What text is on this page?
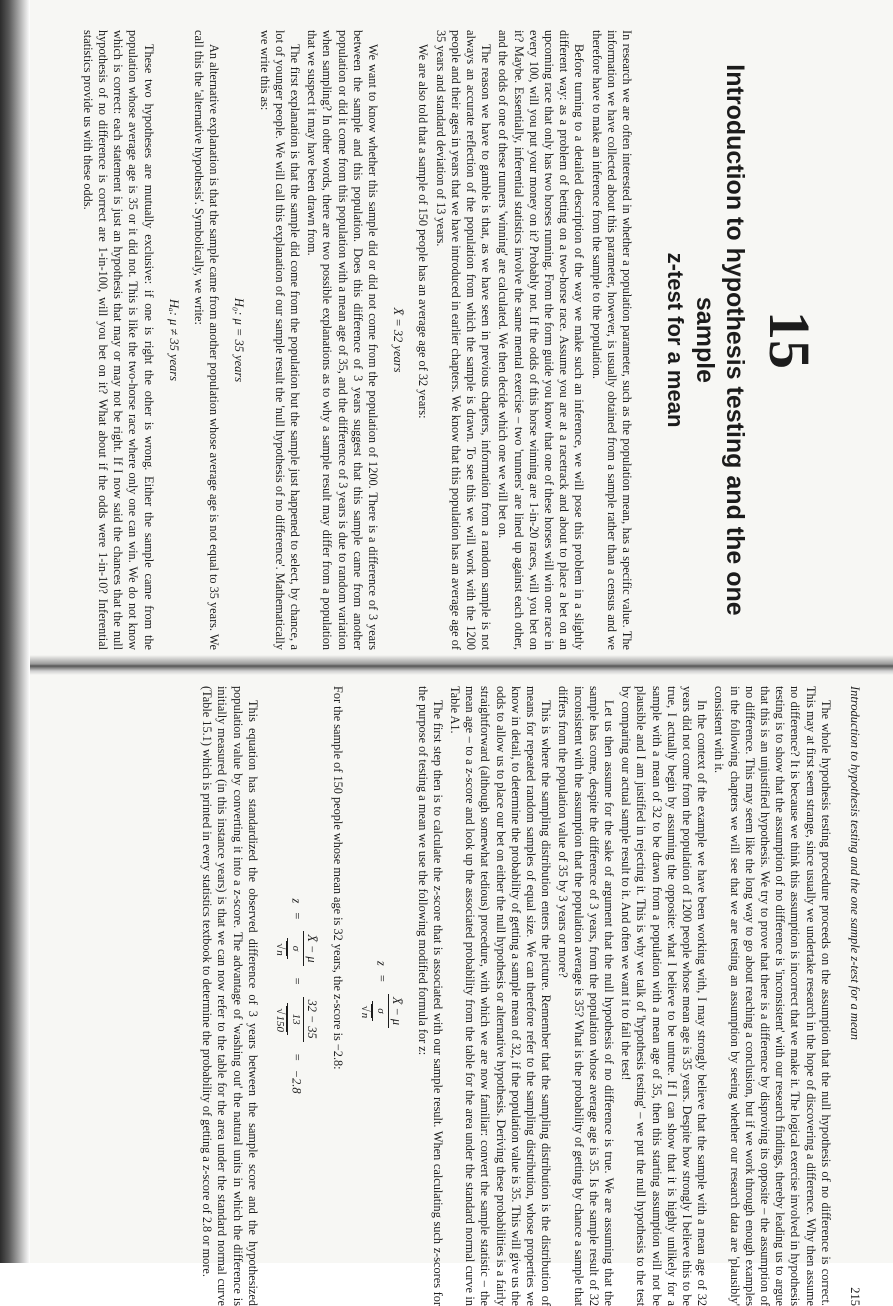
15
Introduction to hypothesis testing and the one sample
z-test for a mean

In research we are often interested in whether a population parameter, such as the population mean, has a specific value. The information we have collected about this parameter, however, is usually obtained from a sample rather than a census and we therefore have to make an inference from the sample to the population.

Before turning to a detailed description of the way we make such an inference, we will pose this problem in a slightly different way: as a problem of betting on a two-horse race. Assume you are at a racetrack and about to place a bet on an upcoming race that only has two horses running. From the form guide you know that one of these horses will win one race in every 100, will you put your money on it? Probably not. If the odds of this horse winning are 1-in-20 races, will you bet on it? Maybe. Essentially, inferential statistics involve the same mental exercise – two 'runners' are lined up against each other, and the odds of one of these runners 'winning' are calculated. We then decide which one we will bet on.

The reason we have to gamble is that, as we have seen in previous chapters, information from a random sample is not always an accurate reflection of the population from which the sample is drawn. To see this we will work with the 1200 people and their ages in years that we have introduced in earlier chapters. We know that this population has an average age of 35 years and standard deviation of 13 years.

We are also told that a sample of 150 people has an average age of 32 years:

X̄ = 32 years

We want to know whether this sample did or did not come from the population of 1200. There is a difference of 3 years between the sample and this population. Does this difference of 3 years suggest that this sample came from another population or did it come from this population with a mean age of 35, and the difference of 3 years is due to random variation when sampling? In other words, there are two possible explanations as to why a sample result may differ from a population that we suspect it may have been drawn from.

The first explanation is that the sample did come from the population but the sample just happened to select, by chance, a lot of younger people. We will call this explanation of our sample result the 'null hypothesis of no difference'. Mathematically we write this as:

H₀: μ = 35 years

An alternative explanation is that the sample came from another population whose average age is not equal to 35 years. We call this the 'alternative hypothesis'. Symbolically, we write:

Hₐ: μ ≠ 35 years

These two hypotheses are mutually exclusive: if one is right the other is wrong. Either the sample came from the population whose average age is 35 or it did not. This is like the two-horse race where only one can win. We do not know which is correct: each statement is just an hypothesis that may or may not be right. If I now said the chances that the null hypothesis of no difference is correct are 1-in-100, will you bet on it? What about if the odds were 1-in-10? Inferential statistics provide us with these odds.

Introduction to hypothesis testing and the one sample z-test for a mean
215

The whole hypothesis testing procedure proceeds on the assumption that the null hypothesis of no difference is correct. This may at first seem strange, since usually we undertake research in the hope of discovering a difference. Why then assume no difference? It is because we think this assumption is incorrect that we make it. The logical exercise involved in hypothesis testing is to show that the assumption of no difference is 'inconsistent' with our research findings, thereby leading us to argue that this is an unjustified hypothesis. We try to prove that there is a difference by disproving its opposite – the assumption of no difference. This may seem like the long way to go about reaching a conclusion, but if we work through enough examples in the following chapters we will see that we are testing an assumption by seeing whether our research data are 'plausibly' consistent with it.

In the context of the example we have been working with, I may strongly believe that the sample with a mean age of 32 years did not come from the population of 1200 people whose mean age is 35 years. Despite how strongly I believe this to be true, I actually begin by assuming the opposite: what I believe to be untrue. If I can show that it is highly unlikely for a sample with a mean of 32 to be drawn from a population with a mean age of 35, then this starting assumption will not be plausible and I am justified in rejecting it. This is why we talk of 'hypothesis testing' – we put the null hypothesis to the test by comparing our actual sample result to it. And often we want it to fail the test!

Let us then assume for the sake of argument that the null hypothesis of no difference is true. We are assuming that the sample has come, despite the difference of 3 years, from the population whose average age is 35. Is the sample result of 32 inconsistent with the assumption that the population average is 35? What is the probability of getting by chance a sample that differs from the population value of 35 by 3 years or more?

This is where the sampling distribution enters the picture. Remember that the sampling distribution is the distribution of means for repeated random samples of equal size. We can therefore refer to the sampling distribution, whose properties we know in detail, to determine the probability of getting a sample mean of 32, if the population value is 35. This will give us the odds to allow us to place our bet on either the null hypothesis or alternative hypothesis. Deriving these probabilities is a fairly straightforward (although somewhat tedious) procedure, with which we are now familiar: convert the sample statistic – the mean age – to a z-score and look up the associated probability from the table for the area under the standard normal curve in Table A1.

The first step then is to calculate the z-score that is associated with our sample result. When calculating such z-scores for the purpose of testing a mean we use the following modified formula for z:

z =
X̄ − μ
σ
√ n

For the sample of 150 people whose mean age is 32 years, the z-score is −2.8:

z =
X̄ − μ
σ
√ n
=
32 − 35
13
√ 150
= −2.8

This equation has standardized the observed difference of 3 years between the sample score and the hypothesized population value by converting it into a z-score. The advantage of 'washing out' the natural units in which the difference is initially measured (in this instance years) is that we can now refer to the table for the area under the standard normal curve (Table 15.1) which is printed in every statistics textbook to determine the probability of getting a z-score of 2.8 or more.
